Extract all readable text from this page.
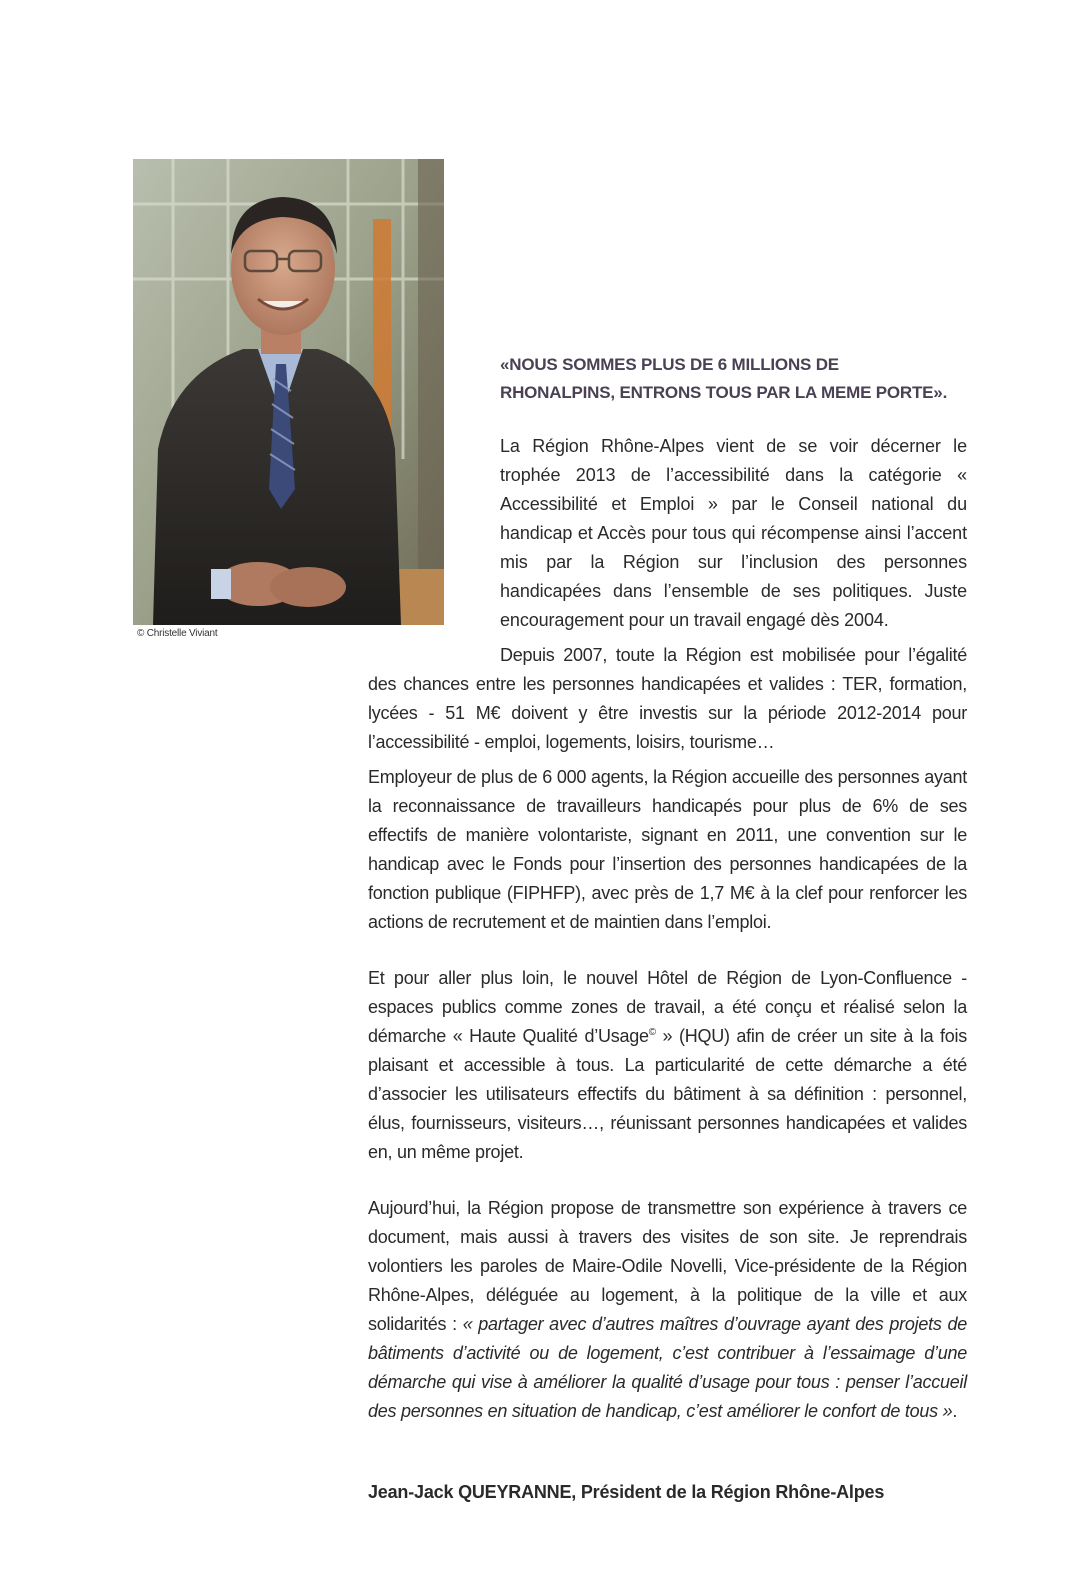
© Christelle Viviant
«NOUS SOMMES PLUS DE 6 MILLIONS DE
RHONALPINS, ENTRONS TOUS PAR LA MEME PORTE».

La Région Rhône-Alpes vient de se voir décerner le trophée 2013 de l’accessibilité dans la catégorie « Accessibilité et Emploi » par le Conseil national du handicap et Accès pour tous qui récompense ainsi l’accent mis par la Région sur l’inclusion des personnes handicapées dans l’ensemble de ses politiques. Juste encouragement pour un travail engagé dès 2004.

Depuis 2007, toute la Région est mobilisée pour l’égalité des chances entre les personnes handicapées et valides : TER, formation, lycées - 51 M€ doivent y être investis sur la période 2012-2014 pour l’accessibilité - emploi, logements, loisirs, tourisme…

Employeur de plus de 6 000 agents, la Région accueille des personnes ayant la reconnaissance de travailleurs handicapés pour plus de 6% de ses effectifs de manière volontariste, signant en 2011, une convention sur le handicap avec le Fonds pour l’insertion des personnes handicapées de la fonction publique (FIPHFP), avec près de 1,7 M€ à la clef pour renforcer les actions de recrutement et de maintien dans l’emploi.

Et pour aller plus loin, le nouvel Hôtel de Région de Lyon-Confluence - espaces publics comme zones de travail, a été conçu et réalisé selon la démarche « Haute Qualité d’Usage© » (HQU) afin de créer un site à la fois plaisant et accessible à tous. La particularité de cette démarche a été d’associer les utilisateurs effectifs du bâtiment à sa définition : personnel, élus, fournisseurs, visiteurs…, réunissant personnes handicapées et valides en, un même projet.

Aujourd’hui, la Région propose de transmettre son expérience à travers ce document, mais aussi à travers des visites de son site. Je reprendrais volontiers les paroles de Maire-Odile Novelli, Vice-présidente de la Région Rhône-Alpes, déléguée au logement, à la politique de la ville et aux solidarités : « partager avec d’autres maîtres d’ouvrage ayant des projets de bâtiments d’activité ou de logement, c’est contribuer à l’essaimage d’une démarche qui vise à améliorer la qualité d’usage pour tous : penser l’accueil des personnes en situation de handicap, c’est améliorer le confort de tous ».

Jean-Jack QUEYRANNE, Président de la Région Rhône-Alpes
